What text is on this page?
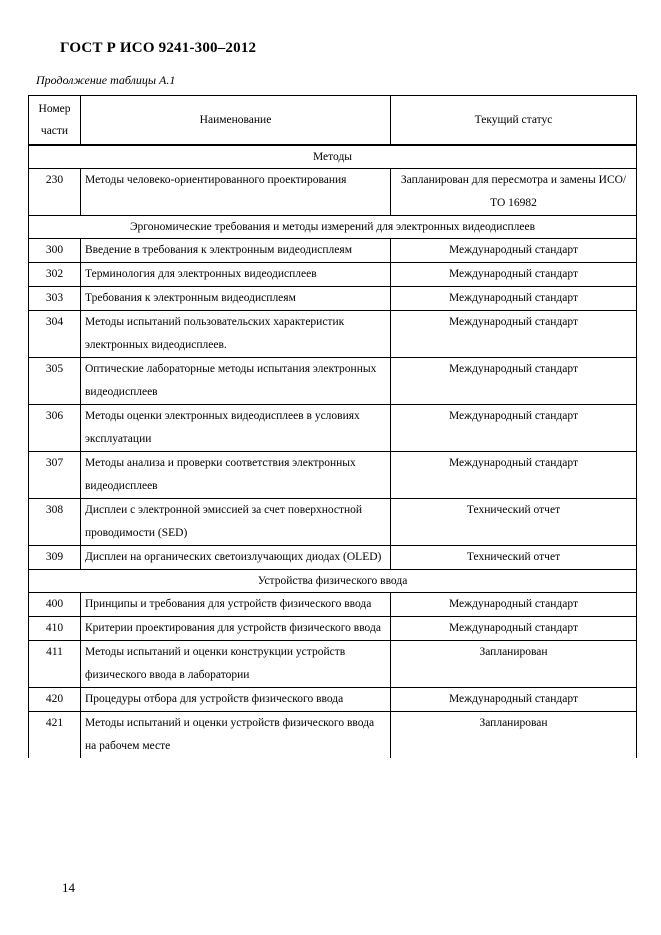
ГОСТ Р ИСО 9241-300–2012
Продолжение таблицы А.1
Номер части	Наименование	Текущий статус
Методы		
230	Методы человеко-ориентированного проектирования	Запланирован для пересмотра и замены ИСО/ТО 16982
Эргономические требования и методы измерений для электронных видеодисплеев		
300	Введение в требования к электронным видеодисплеям	Международный стандарт
302	Терминология для электронных видеодисплеев	Международный стандарт
303	Требования к электронным видеодисплеям	Международный стандарт
304	Методы испытаний пользовательских характеристик электронных видеодисплеев.	Международный стандарт
305	Оптические лабораторные методы испытания электронных видеодисплеев	Международный стандарт
306	Методы оценки электронных видеодисплеев в условиях эксплуатации	Международный стандарт
307	Методы анализа и проверки соответствия электронных видеодисплеев	Международный стандарт
308	Дисплеи с электронной эмиссией за счет поверхностной проводимости (SED)	Технический отчет
309	Дисплеи на органических светоизлучающих диодах (OLED)	Технический отчет
Устройства физического ввода		
400	Принципы и требования для устройств физического ввода	Международный стандарт
410	Критерии проектирования для устройств физического ввода	Международный стандарт
411	Методы испытаний и оценки конструкции устройств физического ввода в лаборатории	Запланирован
420	Процедуры отбора для устройств физического ввода	Международный стандарт
421	Методы испытаний и оценки устройств физического ввода на рабочем месте	Запланирован
14
